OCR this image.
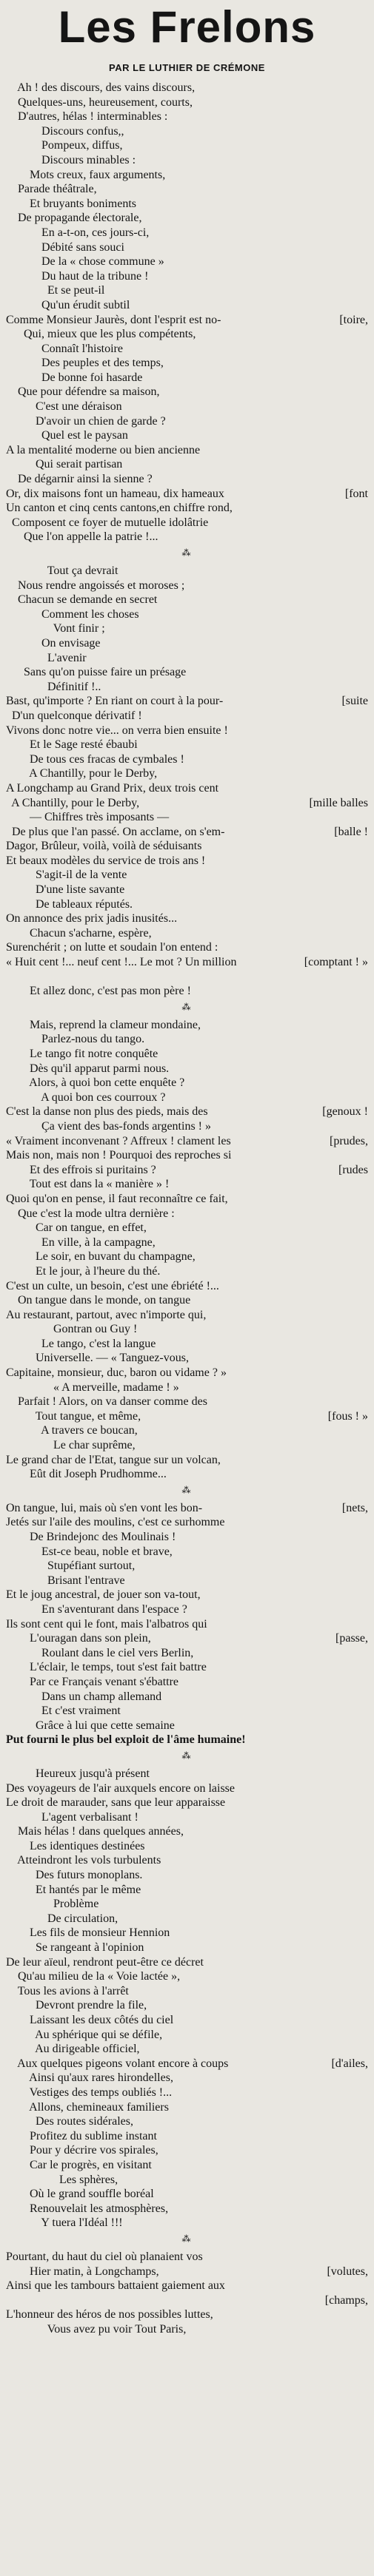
Les Frelons
PAR LE LUTHIER DE CRÉMONE
Ah ! des discours, des vains discours,
Quelques-uns, heureusement, courts,
D'autres, hélas ! interminables :
Discours confus,,
Pompeux, diffus,
Discours minables :
Mots creux, faux arguments,
Parade théâtrale,
Et bruyants boniments
De propagande électorale,
En a-t-on, ces jours-ci,
Débité sans souci
De la « chose commune »
Du haut de la tribune !
Et se peut-il
Qu'un érudit subtil
Comme Monsieur Jaurès, dont l'esprit est no-	[toire,
Qui, mieux que les plus compétents,
Connaît l'histoire
Des peuples et des temps,
De bonne foi hasarde
Que pour défendre sa maison,
C'est une déraison
D'avoir un chien de garde ?
Quel est le paysan
A la mentalité moderne ou bien ancienne
Qui serait partisan
De dégarnir ainsi la sienne ?
Or, dix maisons font un hameau, dix hameaux	[font
Un canton et cinq cents cantons,en chiffre rond,
Composent ce foyer de mutuelle idolâtrie
Que l'on appelle la patrie !...
⁂
Tout ça devrait
Nous rendre angoissés et moroses ;
Chacun se demande en secret
Comment les choses
Vont finir ;
On envisage
L'avenir
Sans qu'on puisse faire un présage
Définitif !..
Bast, qu'importe ? En riant on court à la pour-	[suite
D'un quelconque dérivatif !
Vivons donc notre vie... on verra bien ensuite !
Et le Sage resté ébaubi
De tous ces fracas de cymbales !
A Chantilly, pour le Derby,
A Longchamp au Grand Prix, deux trois cent
A Chantilly, pour le Derby,	[mille balles
— Chiffres très imposants —
De plus que l'an passé. On acclame, on s'em-	[balle !
Dagor, Brûleur, voilà, voilà de séduisants
Et beaux modèles du service de trois ans !
S'agit-il de la vente
D'une liste savante
De tableaux réputés.
On annonce des prix jadis inusités...
Chacun s'acharne, espère,
Surenchérit ; on lutte et soudain l'on entend :
« Huit cent !... neuf cent !... Le mot ? Un million	[comptant ! »
Et allez donc, c'est pas mon père !
⁂
Mais, reprend la clameur mondaine,
Parlez-nous du tango.
Le tango fit notre conquête
Dès qu'il apparut parmi nous.
Alors, à quoi bon cette enquête ?
A quoi bon ces courroux ?
C'est la danse non plus des pieds, mais des	[genoux !
Ça vient des bas-fonds argentins ! »
« Vraiment inconvenant ? Affreux ! clament les	[prudes,
Mais non, mais non ! Pourquoi des reproches si
Et des effrois si puritains ?	[rudes
Tout est dans la « manière » !
Quoi qu'on en pense, il faut reconnaître ce fait,
Que c'est la mode ultra dernière :
Car on tangue, en effet,
En ville, à la campagne,
Le soir, en buvant du champagne,
Et le jour, à l'heure du thé.
C'est un culte, un besoin, c'est une ébriété !...
On tangue dans le monde, on tangue
Au restaurant, partout, avec n'importe qui,
Gontran ou Guy !
Le tango, c'est la langue
Universelle. — « Tanguez-vous,
Capitaine, monsieur, duc, baron ou vidame ? »
« A merveille, madame ! »
Parfait ! Alors, on va danser comme des
Tout tangue, et même,	[fous ! »
A travers ce boucan,
Le char suprême,
Le grand char de l'Etat, tangue sur un volcan,
Eût dit Joseph Prudhomme...
⁂
On tangue, lui, mais où s'en vont les bon-	[nets,
Jetés sur l'aile des moulins, c'est ce surhomme
De Brindejonc des Moulinais !
Est-ce beau, noble et brave,
Stupéfiant surtout,
Brisant l'entrave
Et le joug ancestral, de jouer son va-tout,
En s'aventurant dans l'espace ?
Ils sont cent qui le font, mais l'albatros qui
L'ouragan dans son plein,	[passe,
Roulant dans le ciel vers Berlin,
L'éclair, le temps, tout s'est fait battre
Par ce Français venant s'ébattre
Dans un champ allemand
Et c'est vraiment
Grâce à lui que cette semaine
Put fourni le plus bel exploit de l'âme humaine!
⁂
Heureux jusqu'à présent
Des voyageurs de l'air auxquels encore on laisse
Le droit de marauder, sans que leur apparaisse
L'agent verbalisant !
Mais hélas ! dans quelques années,
Les identiques destinées
Atteindront les vols turbulents
Des futurs monoplans.
Et hantés par le même
Problème
De circulation,
Les fils de monsieur Hennion
Se rangeant à l'opinion
De leur aïeul, rendront peut-être ce décret
Qu'au milieu de la « Voie lactée »,
Tous les avions à l'arrêt
Devront prendre la file,
Laissant les deux côtés du ciel
Au sphérique qui se défile,
Au dirigeable officiel,
Aux quelques pigeons volant encore à coups	[d'ailes,
Ainsi qu'aux rares hirondelles,
Vestiges des temps oubliés !...
Allons, chemineaux familiers
Des routes sidérales,
Profitez du sublime instant
Pour y décrire vos spirales,
Car le progrès, en visitant
Les sphères,
Où le grand souffle boréal
Renouvelait les atmosphères,
Y tuera l'Idéal !!!
⁂
Pourtant, du haut du ciel où planaient vos
Hier matin, à Longchamps,	[volutes,
Ainsi que les tambours battaient gaiement aux
[champs,
L'honneur des héros de nos possibles luttes,
Vous avez pu voir Tout Paris,
